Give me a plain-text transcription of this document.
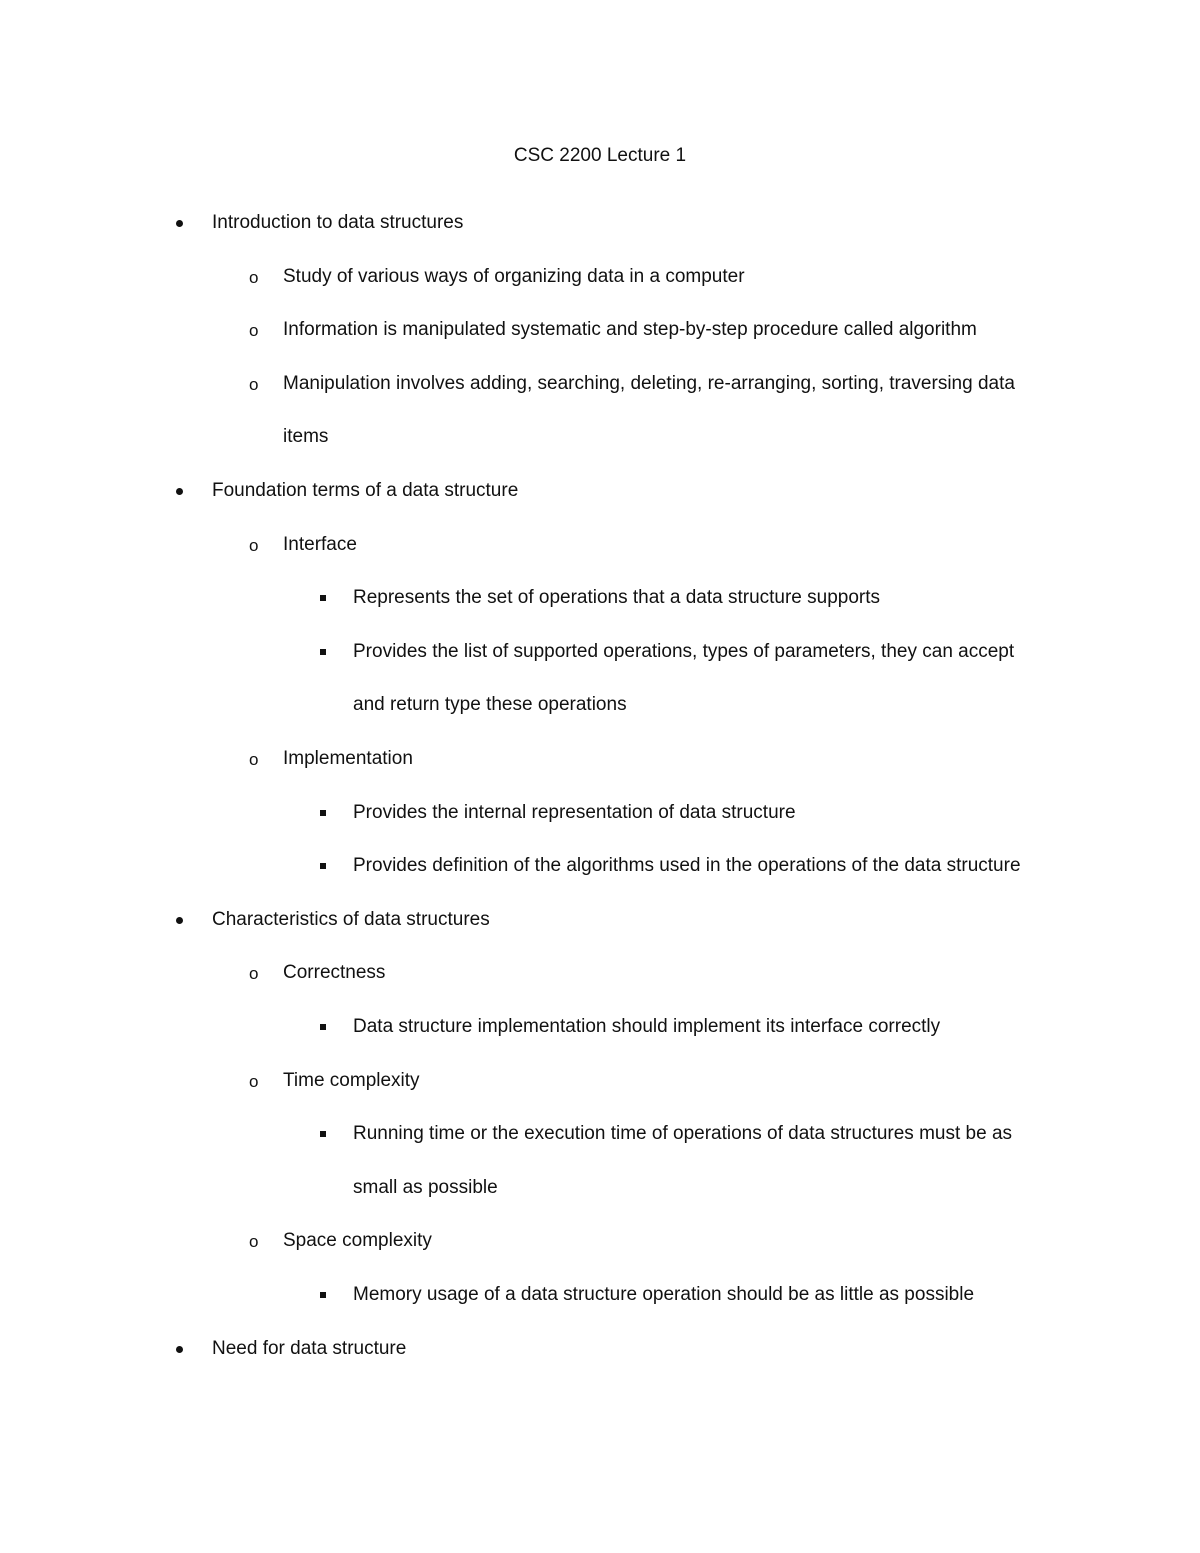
CSC 2200 Lecture 1
Introduction to data structures
o Study of various ways of organizing data in a computer
o Information is manipulated systematic and step-by-step procedure called algorithm
o Manipulation involves adding, searching, deleting, re-arranging, sorting, traversing data
items
Foundation terms of a data structure
o Interface
Represents the set of operations that a data structure supports
Provides the list of supported operations, types of parameters, they can accept
and return type these operations
o Implementation
Provides the internal representation of data structure
Provides definition of the algorithms used in the operations of the data structure
Characteristics of data structures
o Correctness
Data structure implementation should implement its interface correctly
o Time complexity
Running time or the execution time of operations of data structures must be as
small as possible
o Space complexity
Memory usage of a data structure operation should be as little as possible
Need for data structure
